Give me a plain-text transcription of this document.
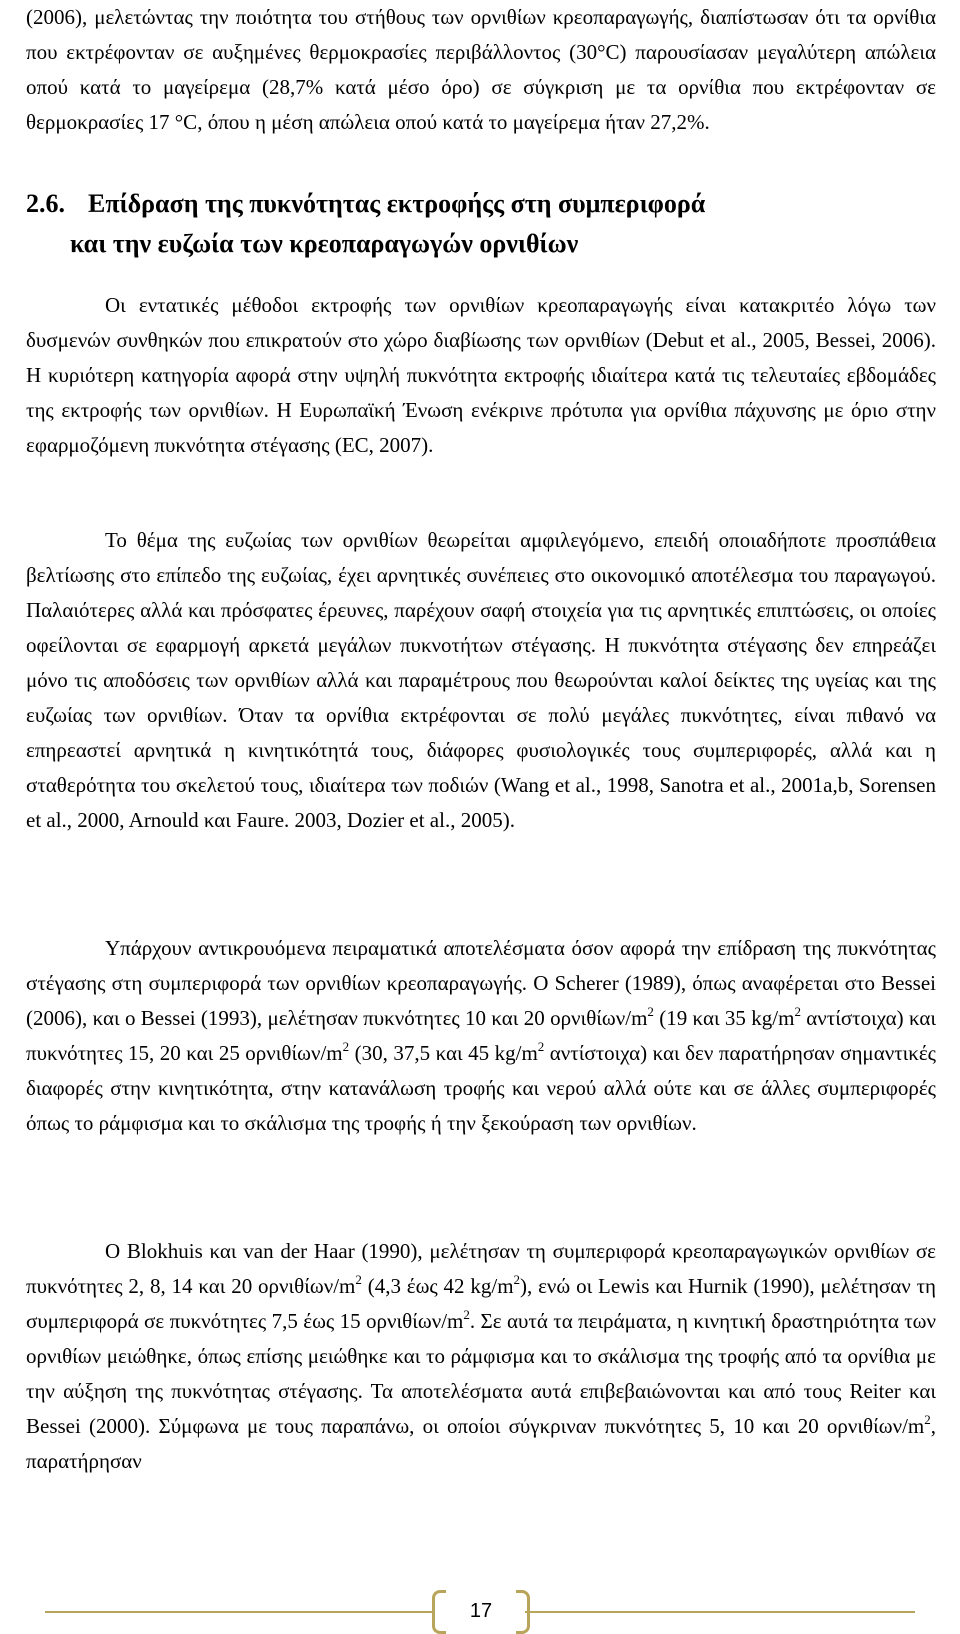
(2006), μελετώντας την ποιότητα του στήθους των ορνιθίων κρεοπαραγωγής, διαπίστωσαν ότι τα ορνίθια που εκτρέφονταν σε αυξημένες θερμοκρασίες περιβάλλοντος (30°C) παρουσίασαν μεγαλύτερη απώλεια οπού κατά το μαγείρεμα (28,7% κατά μέσο όρο) σε σύγκριση με τα ορνίθια που εκτρέφονταν σε θερμοκρασίες 17 °C, όπου η μέση απώλεια οπού κατά το μαγείρεμα ήταν 27,2%.

2.6. Επίδραση της πυκνότητας εκτροφήςς στη συμπεριφορά
και την ευζωία των κρεοπαραγωγών ορνιθίων

Οι εντατικές μέθοδοι εκτροφής των ορνιθίων κρεοπαραγωγής είναι κατακριτέο λόγω των δυσμενών συνθηκών που επικρατούν στο χώρο διαβίωσης των ορνιθίων (Debut et al., 2005, Bessei, 2006). Η κυριότερη κατηγορία αφορά στην υψηλή πυκνότητα εκτροφής ιδιαίτερα κατά τις τελευταίες εβδομάδες της εκτροφής των ορνιθίων. Η Ευρωπαϊκή Ένωση ενέκρινε πρότυπα για ορνίθια πάχυνσης με όριο στην εφαρμοζόμενη πυκνότητα στέγασης (EC, 2007).

Το θέμα της ευζωίας των ορνιθίων θεωρείται αμφιλεγόμενο, επειδή οποιαδήποτε προσπάθεια βελτίωσης στο επίπεδο της ευζωίας, έχει αρνητικές συνέπειες στο οικονομικό αποτέλεσμα του παραγωγού. Παλαιότερες αλλά και πρόσφατες έρευνες, παρέχουν σαφή στοιχεία για τις αρνητικές επιπτώσεις, οι οποίες οφείλονται σε εφαρμογή αρκετά μεγάλων πυκνοτήτων στέγασης. Η πυκνότητα στέγασης δεν επηρεάζει μόνο τις αποδόσεις των ορνιθίων αλλά και παραμέτρους που θεωρούνται καλοί δείκτες της υγείας και της ευζωίας των ορνιθίων. Όταν τα ορνίθια εκτρέφονται σε πολύ μεγάλες πυκνότητες, είναι πιθανό να επηρεαστεί αρνητικά η κινητικότητά τους, διάφορες φυσιολογικές τους συμπεριφορές, αλλά και η σταθερότητα του σκελετού τους, ιδιαίτερα των ποδιών (Wang et al., 1998, Sanotra et al., 2001a,b, Sorensen et al., 2000, Arnould και Faure. 2003, Dozier et al., 2005).

Υπάρχουν αντικρουόμενα πειραματικά αποτελέσματα όσον αφορά την επίδραση της πυκνότητας στέγασης στη συμπεριφορά των ορνιθίων κρεοπαραγωγής. Ο Scherer (1989), όπως αναφέρεται στο Bessei (2006), και ο Bessei (1993), μελέτησαν πυκνότητες 10 και 20 ορνιθίων/$m^2$ (19 και 35 $kg/m^2$ αντίστοιχα) και πυκνότητες 15, 20 και 25 ορνιθίων/$m^2$ (30, 37,5 και 45 $kg/m^2$ αντίστοιχα) και δεν παρατήρησαν σημαντικές διαφορές στην κινητικότητα, στην κατανάλωση τροφής και νερού αλλά ούτε και σε άλλες συμπεριφορές όπως το ράμφισμα και το σκάλισμα της τροφής ή την ξεκούραση των ορνιθίων.

Ο Blokhuis και van der Haar (1990), μελέτησαν τη συμπεριφορά κρεοπαραγωγικών ορνιθίων σε πυκνότητες 2, 8, 14 και 20 ορνιθίων/$m^2$ (4,3 έως 42 $kg/m^2$), ενώ οι Lewis και Hurnik (1990), μελέτησαν τη συμπεριφορά σε πυκνότητες 7,5 έως 15 ορνιθίων/$m^2$. Σε αυτά τα πειράματα, η κινητική δραστηριότητα των ορνιθίων μειώθηκε, όπως επίσης μειώθηκε και το ράμφισμα και το σκάλισμα της τροφής από τα ορνίθια με την αύξηση της πυκνότητας στέγασης. Τα αποτελέσματα αυτά επιβεβαιώνονται και από τους Reiter και Bessei (2000). Σύμφωνα με τους παραπάνω, οι οποίοι σύγκριναν πυκνότητες 5, 10 και 20 ορνιθίων/$m^2$, παρατήρησαν

17
